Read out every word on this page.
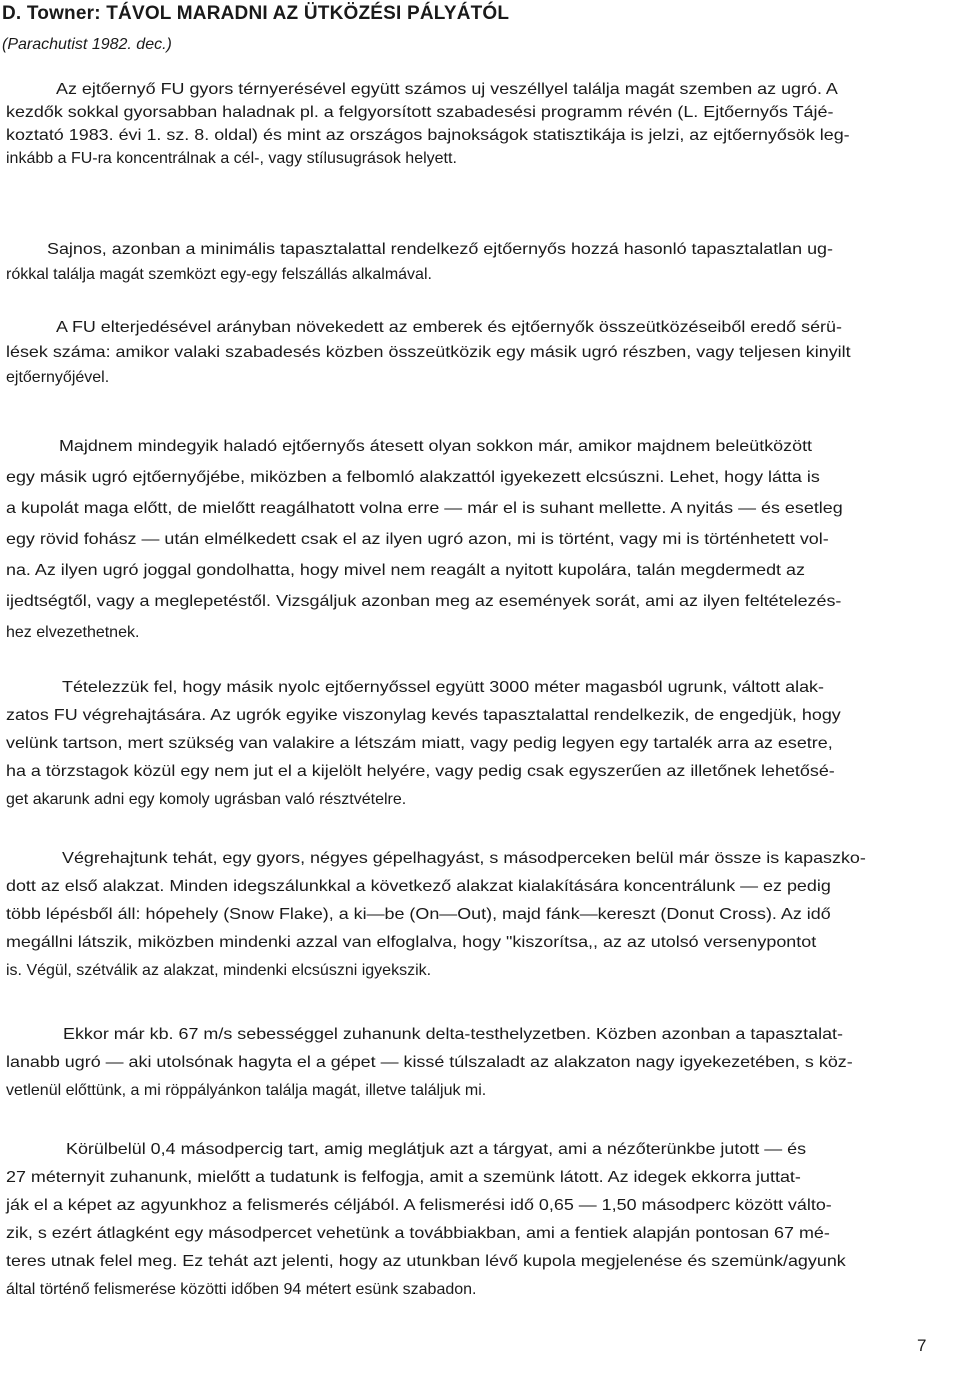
D. Towner: TÁVOL MARADNI AZ ÜTKÖZÉSI PÁLYÁTÓL
(Parachutist 1982. dec.)
Az ejtőernyő FU gyors térnyerésével együtt számos uj veszéllyel találja magát szemben az ugró. A
kezdők sokkal gyorsabban haladnak pl. a felgyorsított szabadesési programm révén (L. Ejtőernyős Tájé-
koztató 1983. évi 1. sz. 8. oldal) és mint az országos bajnokságok statisztikája is jelzi, az ejtőernyősök leg-
inkább a FU-ra koncentrálnak a cél-, vagy stílusugrások helyett.
Sajnos, azonban a minimális tapasztalattal rendelkező ejtőernyős hozzá hasonló tapasztalatlan ug-
rókkal találja magát szemközt egy-egy felszállás alkalmával.
A FU elterjedésével arányban növekedett az emberek és ejtőernyők összeütközéseiből eredő sérü-
lések száma: amikor valaki szabadesés közben összeütközik egy másik ugró részben, vagy teljesen kinyilt
ejtőernyőjével.
Majdnem mindegyik haladó ejtőernyős átesett olyan sokkon már, amikor majdnem beleütközött
egy másik ugró ejtőernyőjébe, miközben a felbomló alakzattól igyekezett elcsúszni. Lehet, hogy látta is
a kupolát maga előtt, de mielőtt reagálhatott volna erre — már el is suhant mellette. A nyitás — és esetleg
egy rövid fohász — után elmélkedett csak el az ilyen ugró azon, mi is történt, vagy mi is történhetett vol-
na. Az ilyen ugró joggal gondolhatta, hogy mivel nem reagált a nyitott kupolára, talán megdermedt az
ijedtségtől, vagy a meglepetéstől. Vizsgáljuk azonban meg az események sorát, ami az ilyen feltételezés-
hez elvezethetnek.
Tételezzük fel, hogy másik nyolc ejtőernyőssel együtt 3000 méter magasból ugrunk, váltott alak-
zatos FU végrehajtására. Az ugrók egyike viszonylag kevés tapasztalattal rendelkezik, de engedjük, hogy
velünk tartson, mert szükség van valakire a létszám miatt, vagy pedig legyen egy tartalék arra az esetre,
ha a törzstagok közül egy nem jut el a kijelölt helyére, vagy pedig csak egyszerűen az illetőnek lehetősé-
get akarunk adni egy komoly ugrásban való résztvételre.
Végrehajtunk tehát, egy gyors, négyes gépelhagyást, s másodperceken belül már össze is kapaszko-
dott az első alakzat. Minden idegszálunkkal a következő alakzat kialakítására koncentrálunk — ez pedig
több lépésből áll: hópehely (Snow Flake), a ki—be (On—Out), majd fánk—kereszt (Donut Cross). Az idő
megállni látszik, miközben mindenki azzal van elfoglalva, hogy "kiszorítsa,, az az utolsó versenypontot
is. Végül, szétválik az alakzat, mindenki elcsúszni igyekszik.
Ekkor már kb. 67 m/s sebességgel zuhanunk delta-testhelyzetben. Közben azonban a tapasztalat-
lanabb ugró — aki utolsónak hagyta el a gépet — kissé túlszaladt az alakzaton nagy igyekezetében, s köz-
vetlenül előttünk, a mi röppályánkon találja magát, illetve találjuk mi.
Körülbelül 0,4 másodpercig tart, amig meglátjuk azt a tárgyat, ami a nézőterünkbe jutott — és
27 méternyit zuhanunk, mielőtt a tudatunk is felfogja, amit a szemünk látott. Az idegek ekkorra juttat-
ják el a képet az agyunkhoz a felismerés céljából. A felismerési idő 0,65 — 1,50 másodperc között válto-
zik, s ezért átlagként egy másodpercet vehetünk a továbbiakban, ami a fentiek alapján pontosan 67 mé-
teres utnak felel meg. Ez tehát azt jelenti, hogy az utunkban lévő kupola megjelenése és szemünk/agyunk
által történő felismerése közötti időben 94 métert esünk szabadon.
7
